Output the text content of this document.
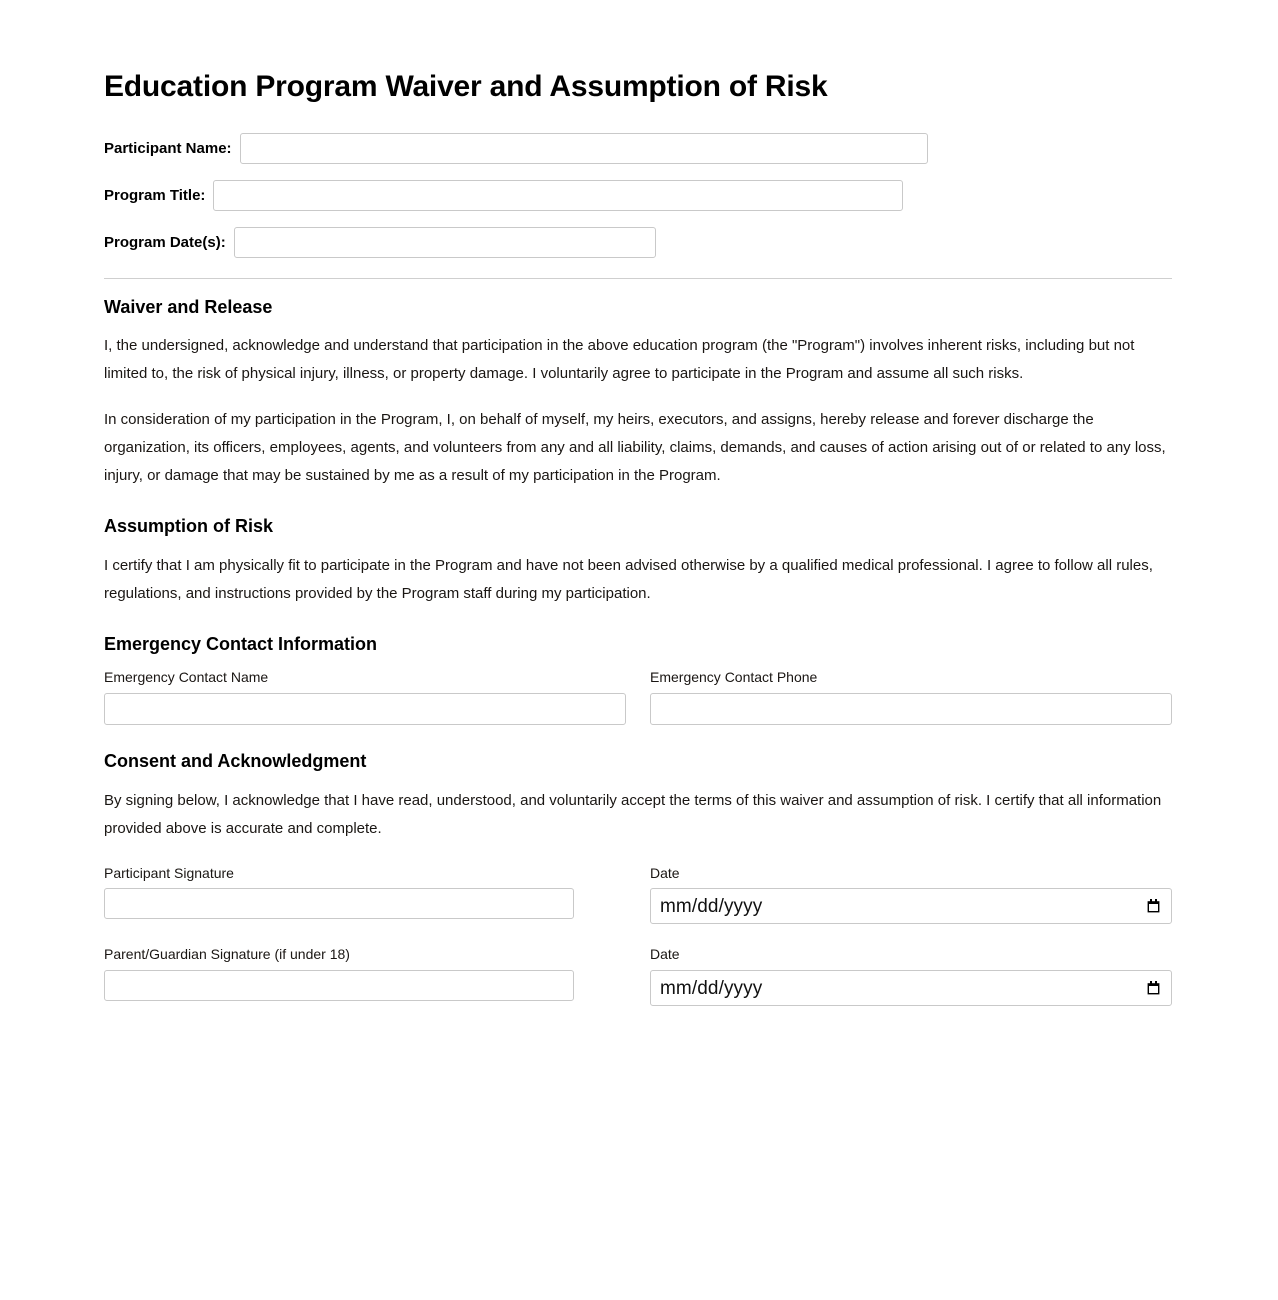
Education Program Waiver and Assumption of Risk
Participant Name:
Program Title:
Program Date(s):
Waiver and Release

I, the undersigned, acknowledge and understand that participation in the above education program (the "Program") involves inherent risks, including but not limited to, the risk of physical injury, illness, or property damage. I voluntarily agree to participate in the Program and assume all such risks.

In consideration of my participation in the Program, I, on behalf of myself, my heirs, executors, and assigns, hereby release and forever discharge the organization, its officers, employees, agents, and volunteers from any and all liability, claims, demands, and causes of action arising out of or related to any loss, injury, or damage that may be sustained by me as a result of my participation in the Program.

Assumption of Risk

I certify that I am physically fit to participate in the Program and have not been advised otherwise by a qualified medical professional. I agree to follow all rules, regulations, and instructions provided by the Program staff during my participation.

Emergency Contact Information
Emergency Contact Name	Emergency Contact Phone
Consent and Acknowledgment

By signing below, I acknowledge that I have read, understood, and voluntarily accept the terms of this waiver and assumption of risk. I certify that all information provided above is accurate and complete.

Participant Signature	Date
mm/dd/yyyy
Parent/Guardian Signature (if under 18)	Date
mm/dd/yyyy
